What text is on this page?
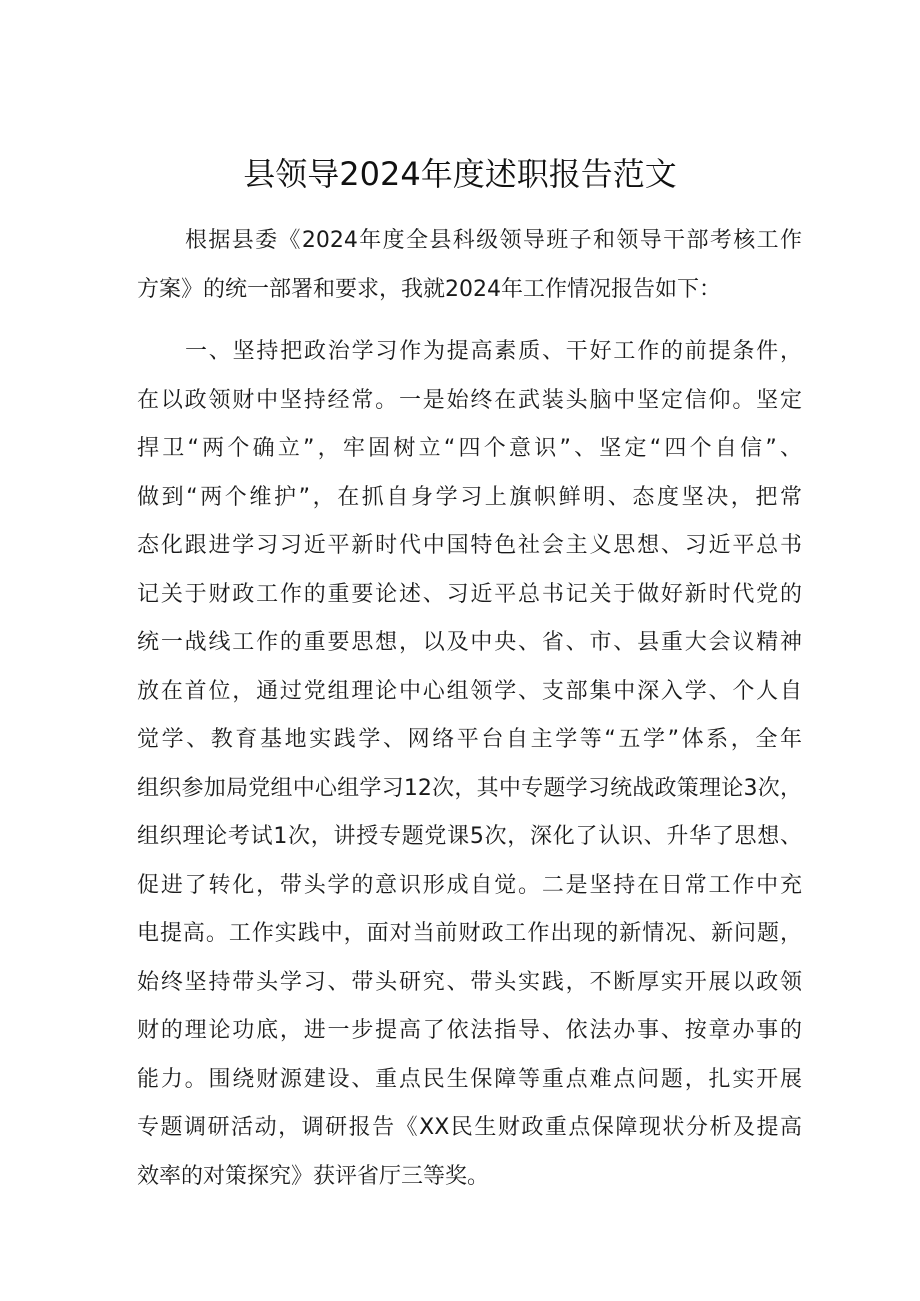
县领导2024年度述职报告范文
根据县委《2024年度全县科级领导班子和领导干部考核工作
方案》的统一部署和要求，我就2024年工作情况报告如下：
一、坚持把政治学习作为提高素质、干好工作的前提条件，
在以政领财中坚持经常。一是始终在武装头脑中坚定信仰。坚定
捍卫“两个确立”，牢固树立“四个意识”、坚定“四个自信”、
做到“两个维护”，在抓自身学习上旗帜鲜明、态度坚决，把常
态化跟进学习习近平新时代中国特色社会主义思想、习近平总书
记关于财政工作的重要论述、习近平总书记关于做好新时代党的
统一战线工作的重要思想，以及中央、省、市、县重大会议精神
放在首位，通过党组理论中心组领学、支部集中深入学、个人自
觉学、教育基地实践学、网络平台自主学等“五学”体系，全年
组织参加局党组中心组学习12次，其中专题学习统战政策理论3次，
组织理论考试1次，讲授专题党课5次，深化了认识、升华了思想、
促进了转化，带头学的意识形成自觉。二是坚持在日常工作中充
电提高。工作实践中，面对当前财政工作出现的新情况、新问题，
始终坚持带头学习、带头研究、带头实践，不断厚实开展以政领
财的理论功底，进一步提高了依法指导、依法办事、按章办事的
能力。围绕财源建设、重点民生保障等重点难点问题，扎实开展
专题调研活动，调研报告《XX民生财政重点保障现状分析及提高
效率的对策探究》获评省厅三等奖。
